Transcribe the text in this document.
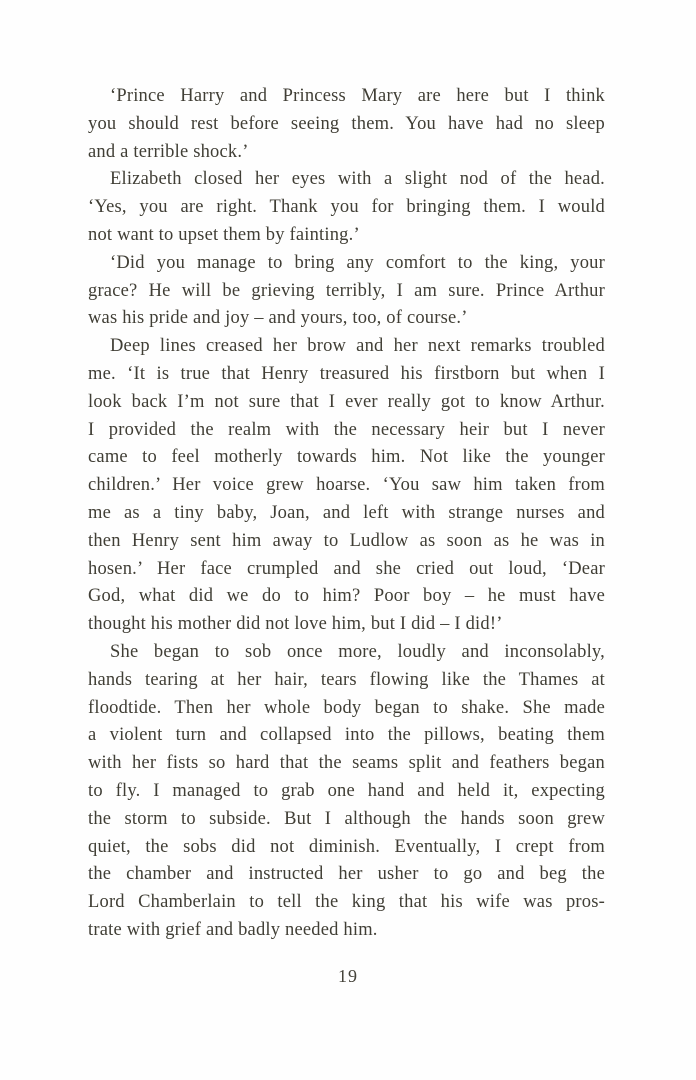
‘Prince Harry and Princess Mary are here but I think
you should rest before seeing them. You have had no sleep
and a terrible shock.’
Elizabeth closed her eyes with a slight nod of the head.
‘Yes, you are right. Thank you for bringing them. I would
not want to upset them by fainting.’
‘Did you manage to bring any comfort to the king, your
grace? He will be grieving terribly, I am sure. Prince Arthur
was his pride and joy – and yours, too, of course.’
Deep lines creased her brow and her next remarks troubled
me. ‘It is true that Henry treasured his firstborn but when I
look back I’m not sure that I ever really got to know Arthur.
I provided the realm with the necessary heir but I never
came to feel motherly towards him. Not like the younger
children.’ Her voice grew hoarse. ‘You saw him taken from
me as a tiny baby, Joan, and left with strange nurses and
then Henry sent him away to Ludlow as soon as he was in
hosen.’ Her face crumpled and she cried out loud, ‘Dear
God, what did we do to him? Poor boy – he must have
thought his mother did not love him, but I did – I did!’
She began to sob once more, loudly and inconsolably,
hands tearing at her hair, tears flowing like the Thames at
floodtide. Then her whole body began to shake. She made
a violent turn and collapsed into the pillows, beating them
with her fists so hard that the seams split and feathers began
to fly. I managed to grab one hand and held it, expecting
the storm to subside. But I although the hands soon grew
quiet, the sobs did not diminish. Eventually, I crept from
the chamber and instructed her usher to go and beg the
Lord Chamberlain to tell the king that his wife was pros-
trate with grief and badly needed him.
19
